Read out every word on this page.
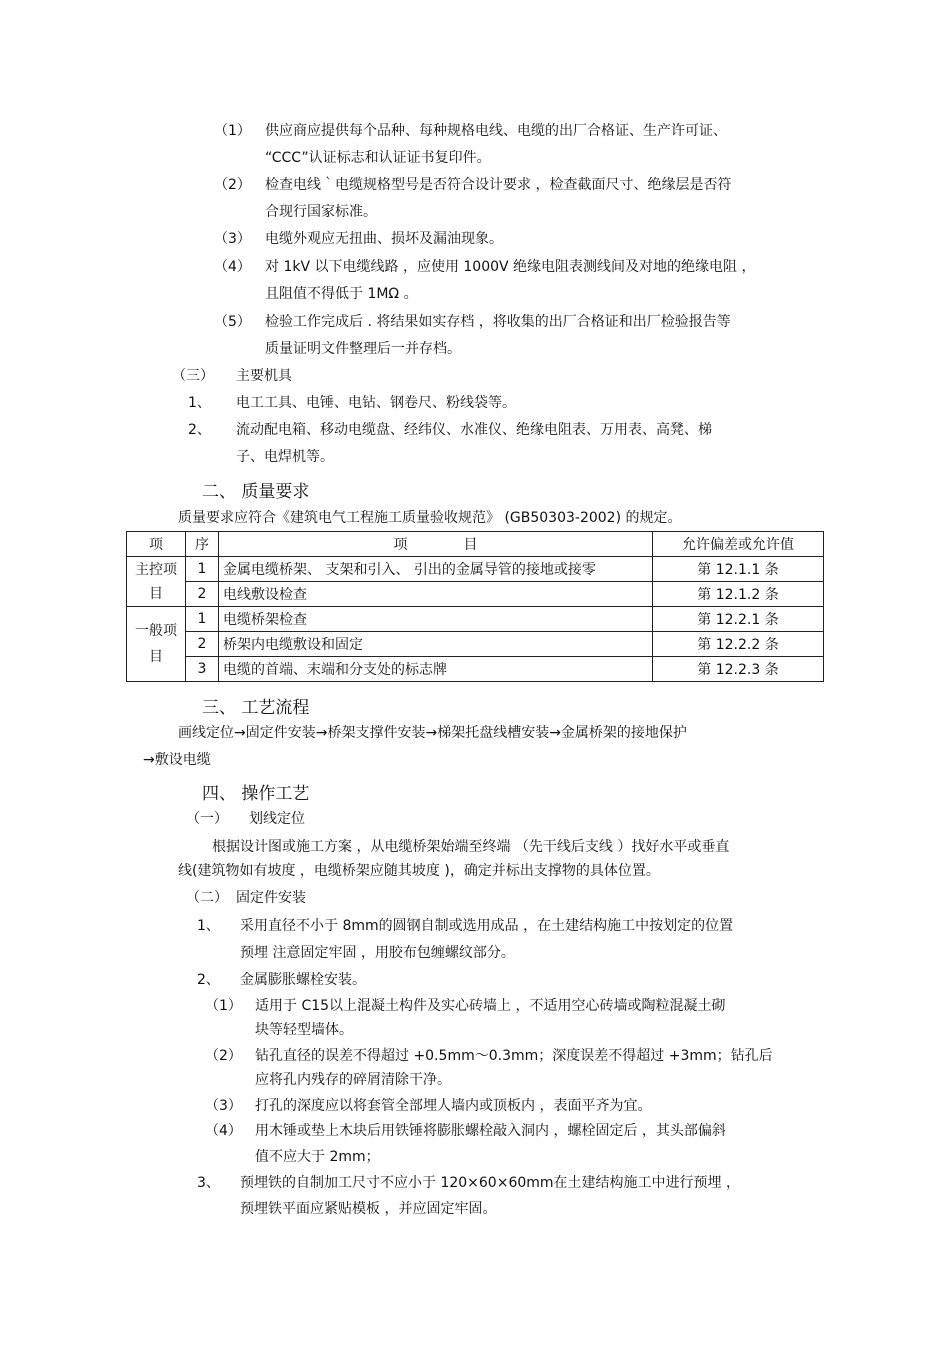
（1） 供应商应提供每个品种、每种规格电线、电缆的出厂合格证、生产许可证、
“CCC”认证标志和认证证书复印件。
（2） 检查电线｀电缆规格型号是否符合设计要求 ，检查截面尺寸、绝缘层是否符
合现行国家标准。
（3） 电缆外观应无扭曲、损坏及漏油现象。
（4） 对 1kV 以下电缆线路 ，应使用 1000V 绝缘电阻表测线间及对地的绝缘电阻 ，
且阻值不得低于 1MΩ 。
（5） 检验工作完成后 . 将结果如实存档 ，将收集的出厂合格证和出厂检验报告等
质量证明文件整理后一并存档。
（三） 主要机具
1、 电工工具、电锤、电钻、钢卷尺、粉线袋等。
2、 流动配电箱、移动电缆盘、经纬仪、水准仪、绝缘电阻表、万用表、高凳、梯
子、电焊机等。
二、 质量要求
质量要求应符合《建筑电气工程施工质量验收规范》 (GB50303-2002) 的规定。
项	序	项　　　　目	允许偏差或允许值
主控项目	1	金属电缆桥架、 支架和引入、 引出的金属导管的接地或接零	第 12.1.1 条
	2	电线敷设检查	第 12.1.2 条
一般项目	1	电缆桥架检查	第 12.2.1 条
	2	桥架内电缆敷设和固定	第 12.2.2 条
	3	电缆的首端、末端和分支处的标志牌	第 12.2.3 条
三、 工艺流程
画线定位→固定件安装→桥架支撑件安装→梯架托盘线槽安装→金属桥架的接地保护
→敷设电缆
四、 操作工艺
（一） 划线定位
根据设计图或施工方案 ，从电缆桥架始端至终端 （先干线后支线 ）找好水平或垂直
线(建筑物如有坡度 ，电缆桥架应随其坡度 )，确定并标出支撑物的具体位置。
（二） 固定件安装
1、 采用直径不小于 8mm的圆钢自制或选用成品 ，在土建结构施工中按划定的位置
预埋 注意固定牢固 ，用胶布包缠螺纹部分。
2、 金属膨胀螺栓安装。
（1） 适用于 C15以上混凝土构件及实心砖墙上 ，不适用空心砖墙或陶粒混凝土砌
块等轻型墙体。
（2） 钻孔直径的误差不得超过 +0.5mm～0.3mm；深度误差不得超过 +3mm；钻孔后
应将孔内残存的碎屑清除干净。
（3） 打孔的深度应以将套管全部埋人墙内或顶板内 ，表面平齐为宜。
（4） 用木锤或垫上木块后用铁锤将膨胀螺栓敲入洞内 ，螺栓固定后 ，其头部偏斜
值不应大于 2mm；
3、 预埋铁的自制加工尺寸不应小于 120×60×60mm在土建结构施工中进行预埋 ，
预埋铁平面应紧贴模板 ，并应固定牢固。
